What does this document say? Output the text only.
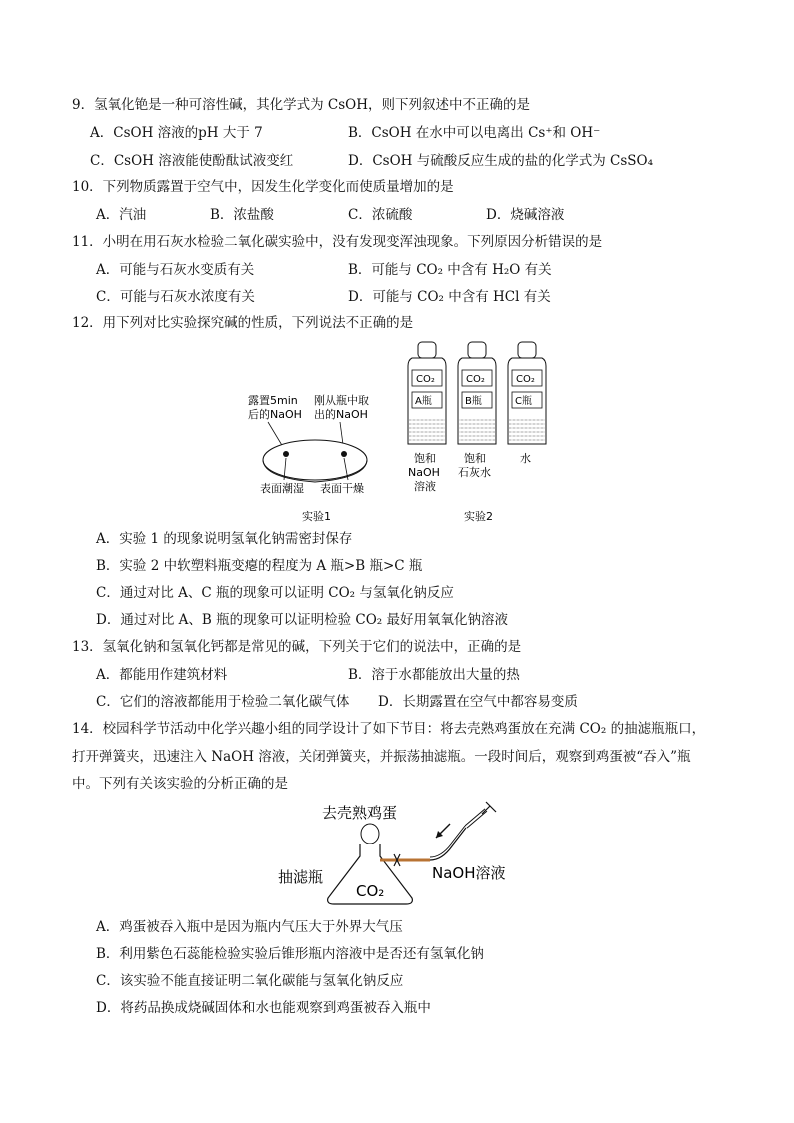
9．氢氧化铯是一种可溶性碱，其化学式为 CsOH，则下列叙述中不正确的是
A．CsOH 溶液的pH 大于 7	B．CsOH 在水中可以电离出 Cs⁺和 OH⁻
C．CsOH 溶液能使酚酞试液变红	D．CsOH 与硫酸反应生成的盐的化学式为 CsSO₄
10．下列物质露置于空气中，因发生化学变化而使质量增加的是
A．汽油	B．浓盐酸	C．浓硫酸	D．烧碱溶液
11．小明在用石灰水检验二氧化碳实验中，没有发现变浑浊现象。下列原因分析错误的是
A．可能与石灰水变质有关	B．可能与 CO₂ 中含有 H₂O 有关
C．可能与石灰水浓度有关	D．可能与 CO₂ 中含有 HCl 有关
12．用下列对比实验探究碱的性质，下列说法不正确的是
露置5min
后的NaOH
刚从瓶中取
出的NaOH
表面潮湿 表面干燥
实验1
CO₂
A瓶
CO₂
B瓶
CO₂
C瓶
饱和
NaOH
溶液
饱和
石灰水
水
实验2
A．实验 1 的现象说明氢氧化钠需密封保存
B．实验 2 中软塑料瓶变瘪的程度为 A 瓶>B 瓶>C 瓶
C．通过对比 A、C 瓶的现象可以证明 CO₂ 与氢氧化钠反应
D．通过对比 A、B 瓶的现象可以证明检验 CO₂ 最好用氧氧化钠溶液
13．氢氧化钠和氢氧化钙都是常见的碱，下列关于它们的说法中，正确的是
A．都能用作建筑材料	B．溶于水都能放出大量的热
C．它们的溶液都能用于检验二氧化碳气体 D．长期露置在空气中都容易变质
14．校园科学节活动中化学兴趣小组的同学设计了如下节目：将去壳熟鸡蛋放在充满 CO₂ 的抽滤瓶瓶口，
打开弹簧夹，迅速注入 NaOH 溶液，关闭弹簧夹，并振荡抽滤瓶。一段时间后，观察到鸡蛋被“吞入”瓶
中。下列有关该实验的分析正确的是
去壳熟鸡蛋
抽滤瓶
CO₂
NaOH溶液
A．鸡蛋被吞入瓶中是因为瓶内气压大于外界大气压
B．利用紫色石蕊能检验实验后锥形瓶内溶液中是否还有氢氧化钠
C．该实验不能直接证明二氧化碳能与氢氧化钠反应
D．将药品换成烧碱固体和水也能观察到鸡蛋被吞入瓶中
